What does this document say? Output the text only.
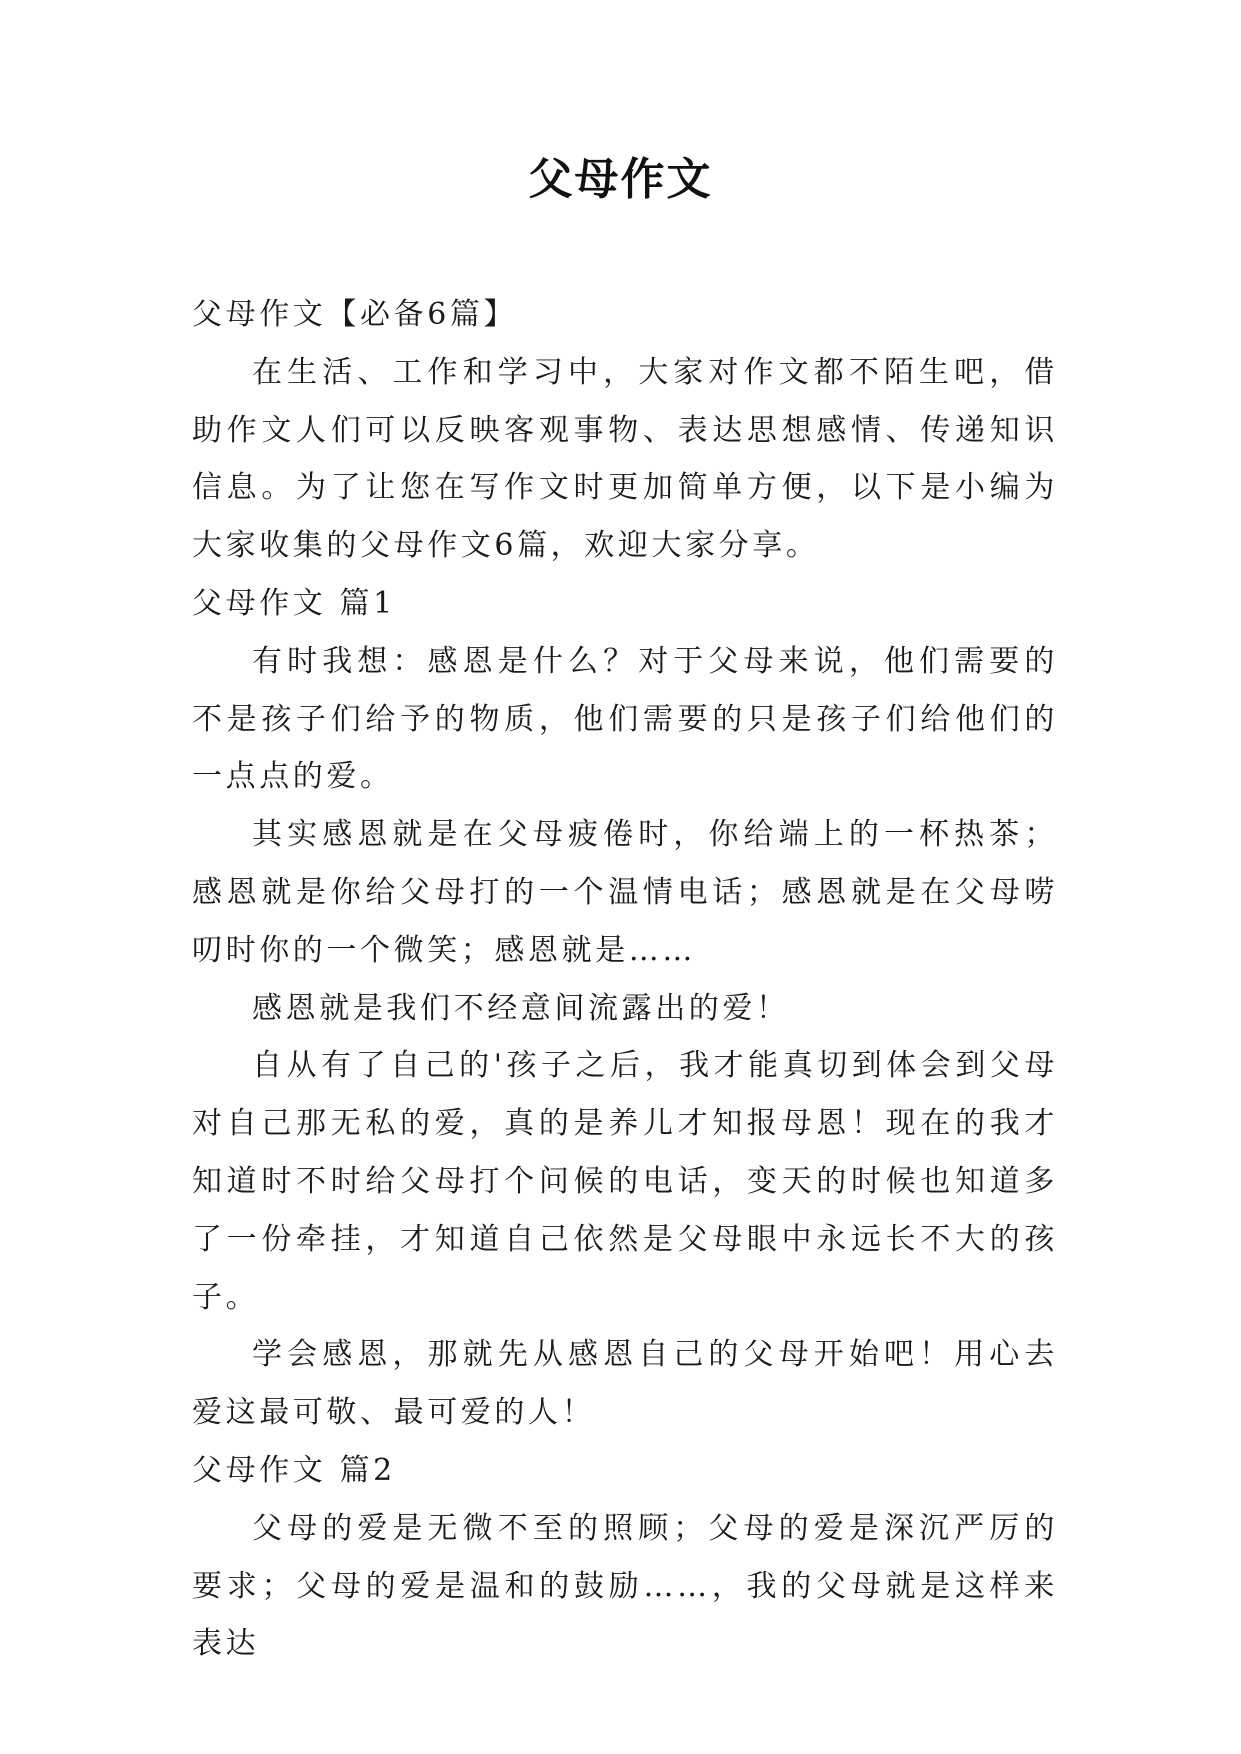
父母作文

父母作文【必备6篇】

在生活、工作和学习中，大家对作文都不陌生吧，借助作文人们可以反映客观事物、表达思想感情、传递知识信息。为了让您在写作文时更加简单方便，以下是小编为大家收集的父母作文6篇，欢迎大家分享。

父母作文 篇1

有时我想：感恩是什么？对于父母来说，他们需要的不是孩子们给予的物质，他们需要的只是孩子们给他们的一点点的爱。

其实感恩就是在父母疲倦时，你给端上的一杯热茶；感恩就是你给父母打的一个温情电话；感恩就是在父母唠叨时你的一个微笑；感恩就是……

感恩就是我们不经意间流露出的爱！

自从有了自己的'孩子之后，我才能真切到体会到父母对自己那无私的爱，真的是养儿才知报母恩！现在的我才知道时不时给父母打个问候的电话，变天的时候也知道多了一份牵挂，才知道自己依然是父母眼中永远长不大的孩子。

学会感恩，那就先从感恩自己的父母开始吧！用心去爱这最可敬、最可爱的人！

父母作文 篇2

父母的爱是无微不至的照顾；父母的爱是深沉严厉的要求；父母的爱是温和的鼓励……，我的父母就是这样来表达
